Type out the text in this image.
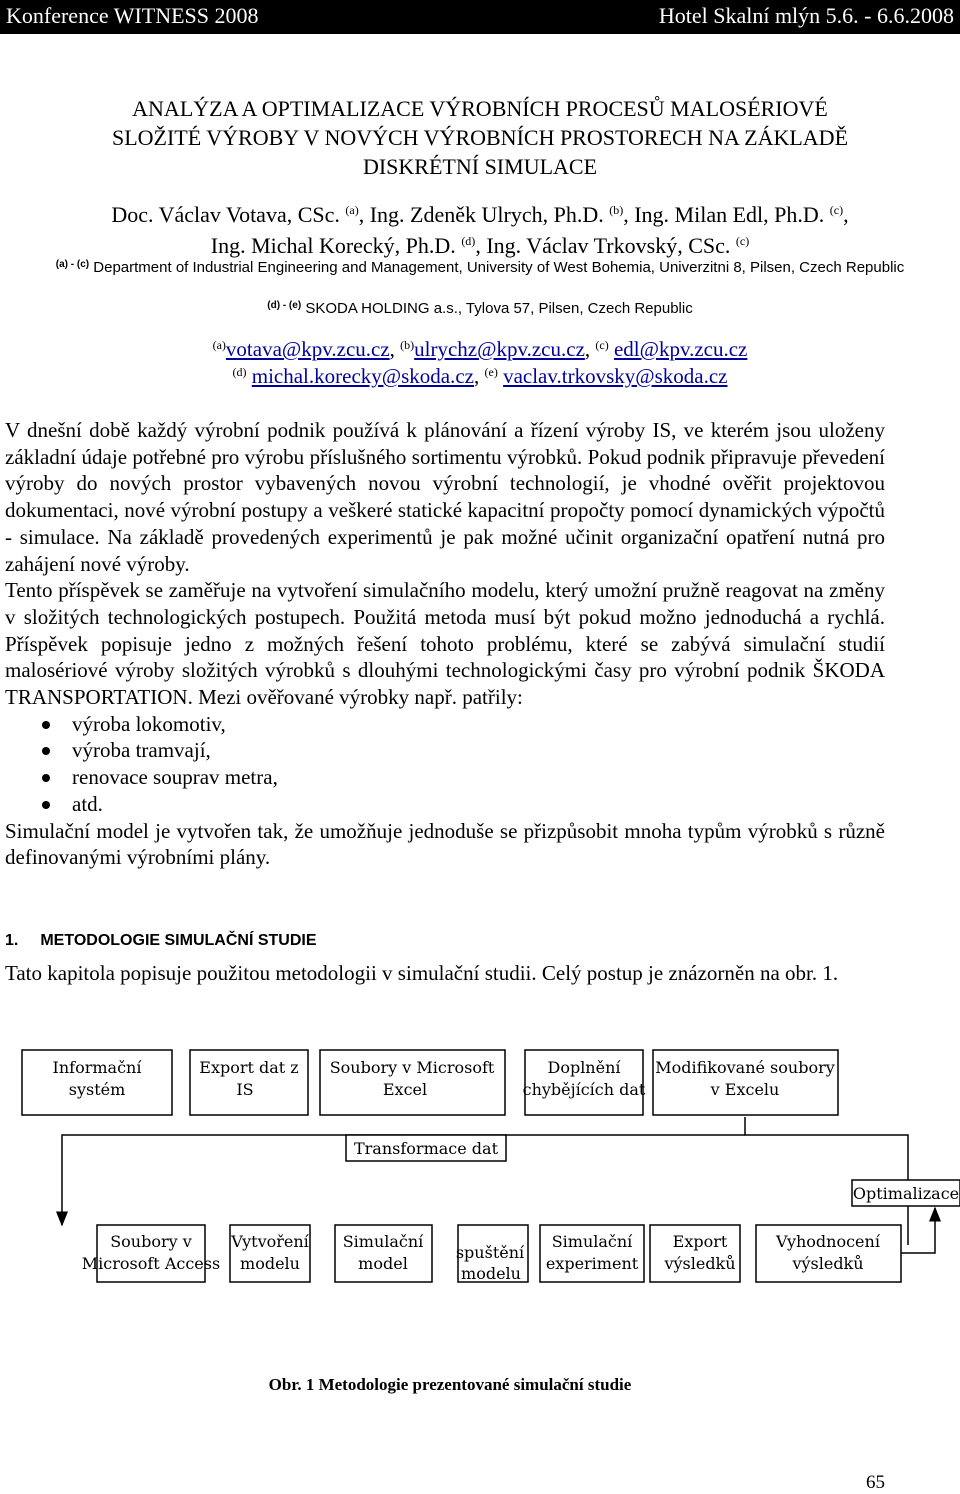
Konference WITNESS 2008	Hotel Skalní mlýn 5.6. - 6.6.2008
ANALÝZA A OPTIMALIZACE VÝROBNÍCH PROCESŮ MALOSÉRIOVÉ
SLOŽITÉ VÝROBY V NOVÝCH VÝROBNÍCH PROSTORECH NA ZÁKLADĚ
DISKRÉTNÍ SIMULACE
Doc. Václav Votava, CSc. $^{(a)}$, Ing. Zdeněk Ulrych, Ph.D. $^{(b)}$, Ing. Milan Edl, Ph.D. $^{(c)}$,
Ing. Michal Korecký, Ph.D. $^{(d)}$, Ing. Václav Trkovský, CSc. $^{(c)}$
$^{(a) - (c)}$ Department of Industrial Engineering and Management, University of West Bohemia, Univerzitni 8, Pilsen, Czech Republic
$^{(d) - (e)}$ SKODA HOLDING a.s., Tylova 57, Pilsen, Czech Republic
$^{(a)}$votava@kpv.zcu.cz, $^{(b)}$ulrychz@kpv.zcu.cz, $^{(c)}$ edl@kpv.zcu.cz
$^{(d)}$ michal.korecky@skoda.cz, $^{(e)}$ vaclav.trkovsky@skoda.cz

V dnešní době každý výrobní podnik používá k plánování a řízení výroby IS, ve kterém jsou uloženy základní údaje potřebné pro výrobu příslušného sortimentu výrobků. Pokud podnik připravuje převedení výroby do nových prostor vybavených novou výrobní technologií, je vhodné ověřit projektovou dokumentaci, nové výrobní postupy a veškeré statické kapacitní propočty pomocí dynamických výpočtů - simulace. Na základě provedených experimentů je pak možné učinit organizační opatření nutná pro zahájení nové výroby.

Tento příspěvek se zaměřuje na vytvoření simulačního modelu, který umožní pružně reagovat na změny v složitých technologických postupech. Použitá metoda musí být pokud možno jednoduchá a rychlá. Příspěvek popisuje jedno z možných řešení tohoto problému, které se zabývá simulační studií malosériové výroby složitých výrobků s dlouhými technologickými časy pro výrobní podnik ŠKODA TRANSPORTATION. Mezi ověřované výrobky např. patřily:

výroba lokomotiv,
výroba tramvají,
renovace souprav metra,
atd.

Simulační model je vytvořen tak, že umožňuje jednoduše se přizpůsobit mnoha typům výrobků s různě definovanými výrobními plány.

1. METODOLOGIE SIMULAČNÍ STUDIE

Tato kapitola popisuje použitou metodologii v simulační studii. Celý postup je znázorněn na obr. 1.

Informační
systém
Export dat z
IS
Soubory v Microsoft
Excel
Doplnění
chybějících dat
Modifikované soubory
v Excelu
Transformace dat
Optimalizace
Soubory v
Microsoft Access
Vytvoření
modelu
Simulační
model
spuštění
modelu
Simulační
experiment
Export
výsledků
Vyhodnocení
výsledků
Obr. 1 Metodologie prezentované simulační studie
65
